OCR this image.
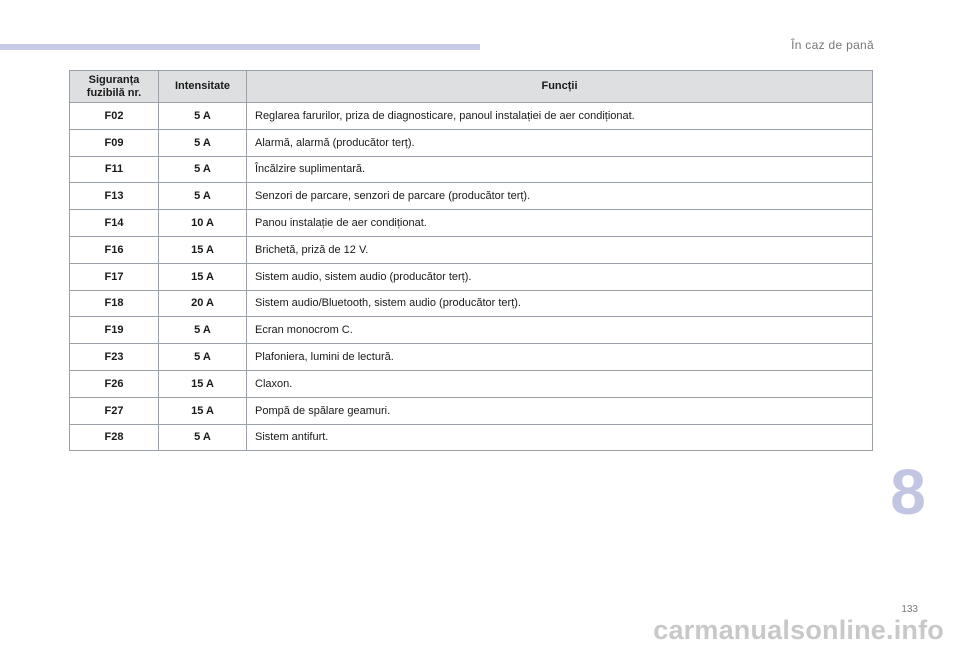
În caz de pană
Siguranța fuzibilă nr.	Intensitate	Funcții
F02	5 A	Reglarea farurilor, priza de diagnosticare, panoul instalației de aer condiționat.
F09	5 A	Alarmă, alarmă (producător terț).
F11	5 A	Încălzire suplimentară.
F13	5 A	Senzori de parcare, senzori de parcare (producător terț).
F14	10 A	Panou instalație de aer condiționat.
F16	15 A	Brichetă, priză de 12 V.
F17	15 A	Sistem audio, sistem audio (producător terț).
F18	20 A	Sistem audio/Bluetooth, sistem audio (producător terț).
F19	5 A	Ecran monocrom C.
F23	5 A	Plafoniera, lumini de lectură.
F26	15 A	Claxon.
F27	15 A	Pompă de spălare geamuri.
F28	5 A	Sistem antifurt.
8
133
carmanualsonline.info
